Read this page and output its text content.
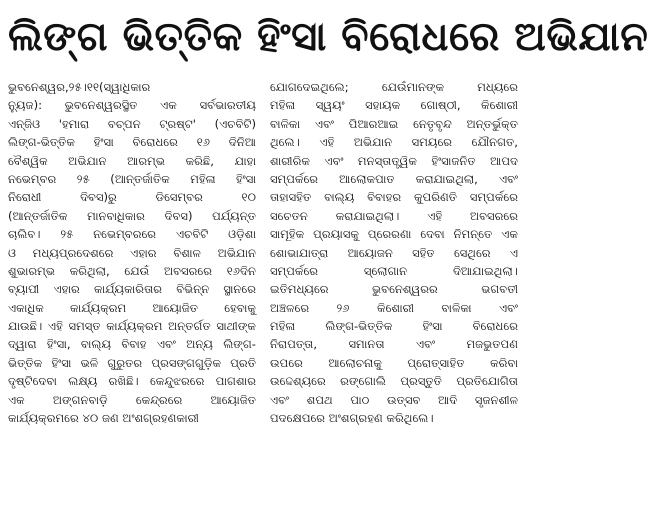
ଲିଙ୍ଗ ଭିତ୍ତିକ ହିଂସା ବିରୋଧରେ ଅଭିଯାନ
ଭୁବନେଶ୍ୱର,୨୫।୧୧(ସ୍ୱାଧିକାର
ନ୍ୟୁଜ): ଭୁବନେଶ୍ୱରସ୍ଥିତ ଏକ ସର୍ବଭାରତୀୟ
ଏନ୍‌ଜିଓ 'ହମାରା ବଚ୍ପନ ଟ୍ରଷ୍ଟ' (ଏଚବିଟି)
ଲିଙ୍ଗ-ଭିତ୍ତିକ ହିଂସା ବିରୋଧରେ ୧୬ ଦିନିଆ
ବୈଶ୍ୱିକ ଅଭିଯାନ ଆରମ୍ଭ କରିଛି, ଯାହା
ନଭେମ୍ବର ୨୫ (ଆନ୍ତର୍ଜାତିକ ମହିଳା ହିଂସା
ନିରୋଧୀ ଦିବସ)ରୁ ଡିସେମ୍ବର ୧୦
(ଆନ୍ତର୍ଜାତିକ ମାନବାଧିକାର ଦିବସ) ପର୍ଯ୍ୟନ୍ତ
ଚାଲିବ। ୨୫ ନଭେମ୍ବରରେ ଏଚବିଟି ଓଡ଼ିଶା
ଓ ମଧ୍ୟପ୍ରଦେଶରେ ଏହାର ବିଶାଳ ଅଭିଯାନ
ଶୁଭାରମ୍ଭ କରିଥିଲା, ଯେଉଁ ଅବସରରେ ୧୬ଦିନ
ବ୍ୟାପୀ ଏହାର କାର୍ଯ୍ୟକାରିତାର ବିଭିନ୍ନ ସ୍ଥାନରେ
ଏକାଧିକ କାର୍ଯ୍ୟକ୍ରମ ଆୟୋଜିତ ହେବାକୁ
ଯାଉଛି। ଏହି ସମସ୍ତ କାର୍ଯ୍ୟକ୍ରମ ଅନ୍ତର୍ଗତ ସାଥୀଙ୍କ
ଦ୍ୱାରା ହିଂସା, ବାଲ୍ୟ ବିବାହ ଏବଂ ଅନ୍ୟ ଲିଙ୍ଗ-
ଭିତ୍ତିକ ହିଂସା ଭଳି ଗୁରୁତର ପ୍ରସଙ୍ଗଗୁଡ଼ିକ ପ୍ରତି
ଦୃଷ୍ଟିଦେବା ଲକ୍ଷ୍ୟ ରଖିଛି। କେନ୍ଦୁଝରରେ ପାଗଶାର
ଏକ ଅଙ୍ଗନବାଡ଼ି କେନ୍ଦ୍ରରେ ଆୟୋଜିତ
କାର୍ଯ୍ୟକ୍ରମରେ ୪୦ ଜଣ ଅଂଶଗ୍ରହଣକାରୀ
ଯୋଗଦେଇଥିଲେ; ଯେଉଁମାନଙ୍କ ମଧ୍ୟରେ
ମହିଳା ସ୍ୱୟଂ ସହାୟକ ଗୋଷ୍ଠୀ, କିଶୋରୀ
ବାଳିକା ଏବଂ ପିଆରଆଇ ନେତୃବୃନ୍ଦ ଅନ୍ତର୍ଭୁକ୍ତ
ଥିଲେ। ଏହି ଅଭିଯାନ ସମୟରେ ଯୌନଗତ,
ଶାରୀରିକ ଏବଂ ମନସ୍ତାତ୍ତ୍ୱିକ ହିଂସାଜନିତ ଆପଦ
ସମ୍ପର୍କରେ ଆଲୋକପାତ କରାଯାଇଥିଲା, ଏବଂ
ତାହାସହିତ ବାଲ୍ୟ ବିବାହର କୁପରିଣତି ସମ୍ପର୍କରେ
ସଚେତନ କରାଯାଇଥିଲା। ଏହି ଅବସରରେ
ସାମୂହିକ ପ୍ରୟାସକୁ ପ୍ରେରଣା ଦେବା ନିମନ୍ତେ ଏକ
ଶୋଭାଯାତ୍ରା ଆୟୋଜନ ସହିତ ସେଥିରେ ଏ
ସମ୍ପର୍କରେ ସ୍ଲୋଗାନ ଦିଆଯାଇଥିଲା।
ଇତିମଧ୍ୟରେ ଭୁବନେଶ୍ୱରର ଭଗବତୀ
ଅଞ୍ଚଳରେ ୨୬ କିଶୋରୀ ବାଳିକା ଏବଂ
ମହିଳା ଲିଙ୍ଗ-ଭିତ୍ତିକ ହିଂସା ବିରୋଧରେ
ନିରାପତ୍ତା, ସମାନତା ଏବଂ ମଜଭୁତପଣ
ଉପରେ ଆଲୋଚନାକୁ ପ୍ରୋତ୍ସାହିତ କରିବା
ଉଦ୍ଦେଶ୍ୟରେ ରଙ୍ଗୋଲି ପ୍ରସ୍ତୁତି ପ୍ରତିଯୋଗିତା
ଏବଂ ଶପଥ ପାଠ ଉତ୍ସବ ଆଦି ସୃଜନଶୀଳ
ପଦକ୍ଷେପରେ ଅଂଶଗ୍ରହଣ କରିଥିଲେ।
